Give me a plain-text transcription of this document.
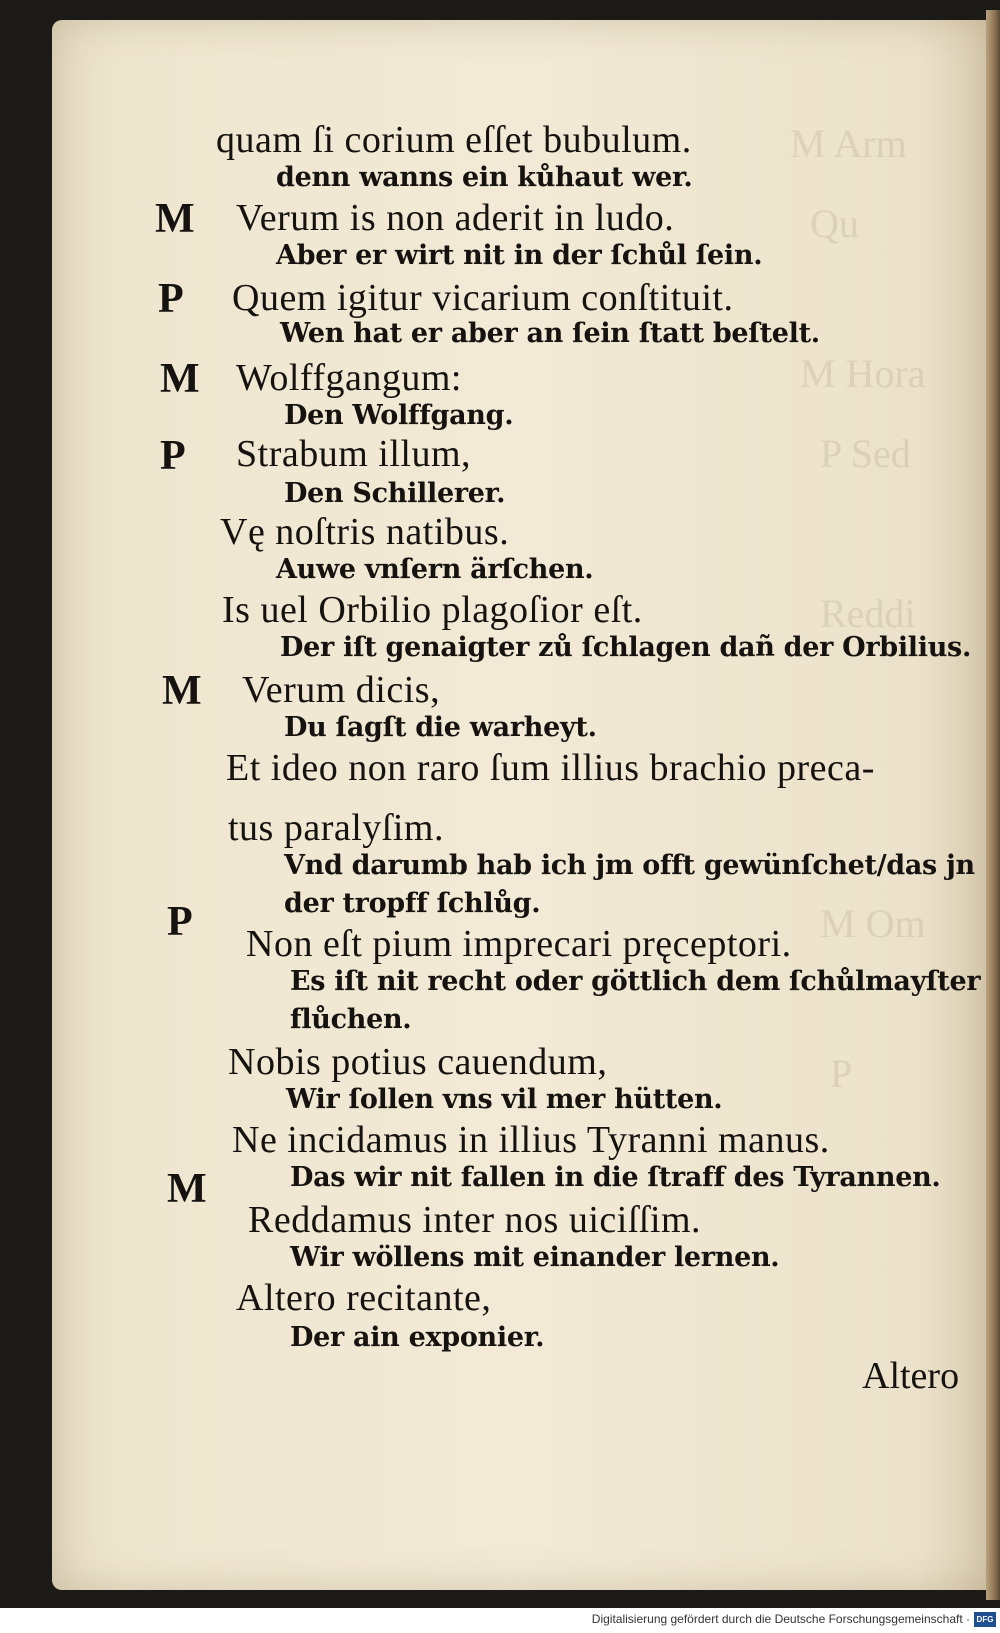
M Arm
Qu
M Hora
P Sed
Reddi
M Om
P
M
P
M
P
M
P
M
quam ſi corium eſſet bubulum.
denn wanns ein kůhaut wer.
Verum is non aderit in ludo.
Aber er wirt nit in der ſchůl ſein.
Quem igitur vicarium conſtituit.
Wen hat er aber an ſein ſtatt beſtelt.
Wolffgangum:
Den Wolffgang.
Strabum illum,
Den Schillerer.
Vę noſtris natibus.
Auwe vnſern ärſchen.
Is uel Orbilio plagoſior eſt.
Der iſt genaigter zů ſchlagen dañ der Orbilius.
Verum dicis,
Du ſagſt die warheyt.
Et ideo non raro ſum illius brachio preca-
tus paralyſim.
Vnd darumb hab ich jm offt gewünſchet/das jn
der tropff ſchlůg.
Non eſt pium imprecari pręceptori.
Es iſt nit recht oder göttlich dem ſchůlmayſter
flůchen.
Nobis potius cauendum,
Wir ſollen vns vil mer hütten.
Ne incidamus in illius Tyranni manus.
Das wir nit fallen in die ſtraff des Tyrannen.
Reddamus inter nos uiciſſim.
Wir wöllens mit einander lernen.
Altero recitante,
Der ain exponier.
Altero
Digitalisierung gefördert durch die Deutsche Forschungsgemeinschaft · DFG
